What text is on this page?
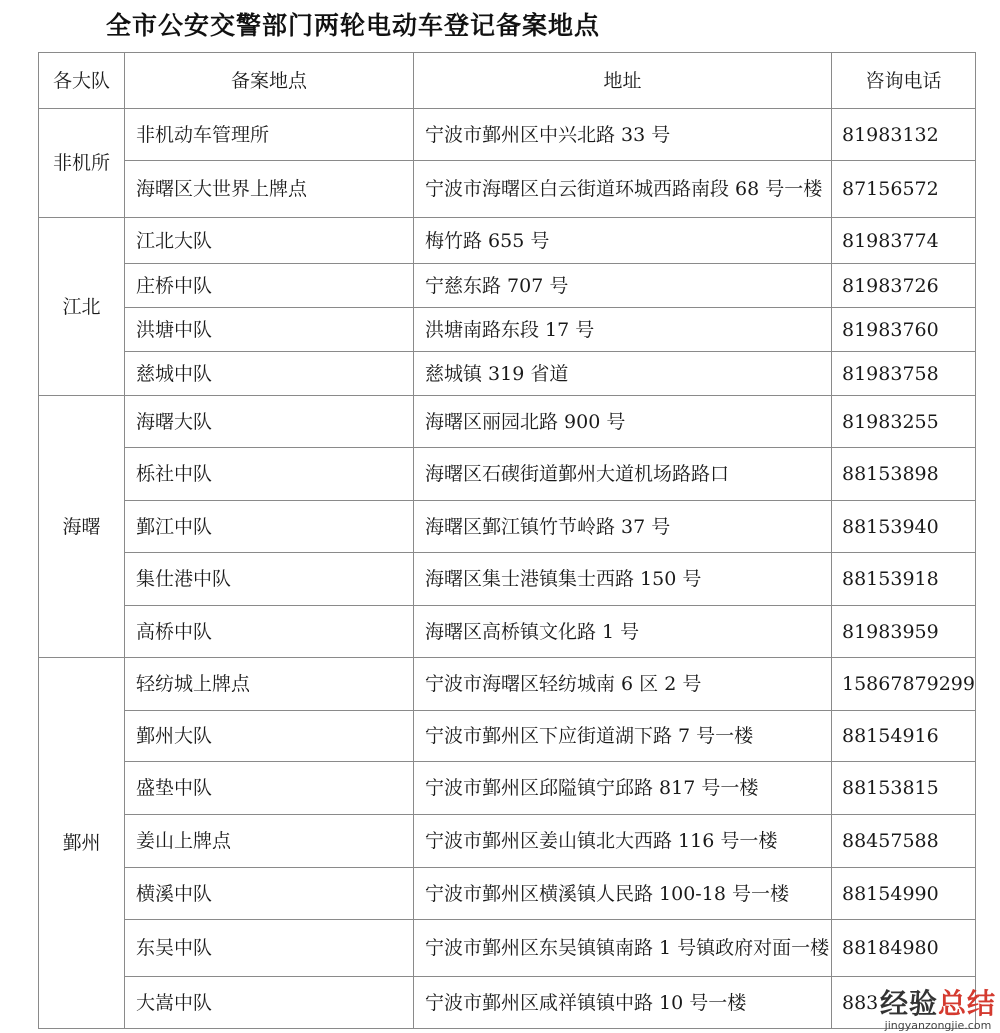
全市公安交警部门两轮电动车登记备案地点
各大队	备案地点	地址	咨询电话
非机所	非机动车管理所	宁波市鄞州区中兴北路 33 号	81983132
	海曙区大世界上牌点	宁波市海曙区白云街道环城西路南段 68 号一楼	87156572
江北	江北大队	梅竹路 655 号	81983774
	庄桥中队	宁慈东路 707 号	81983726
	洪塘中队	洪塘南路东段 17 号	81983760
	慈城中队	慈城镇 319 省道	81983758
海曙	海曙大队	海曙区丽园北路 900 号	81983255
	栎社中队	海曙区石碶街道鄞州大道机场路路口	88153898
	鄞江中队	海曙区鄞江镇竹节岭路 37 号	88153940
	集仕港中队	海曙区集士港镇集士西路 150 号	88153918
	高桥中队	海曙区高桥镇文化路 1 号	81983959
鄞州	轻纺城上牌点	宁波市海曙区轻纺城南 6 区 2 号	15867879299
	鄞州大队	宁波市鄞州区下应街道湖下路 7 号一楼	88154916
	盛垫中队	宁波市鄞州区邱隘镇宁邱路 817 号一楼	88153815
	姜山上牌点	宁波市鄞州区姜山镇北大西路 116 号一楼	88457588
	横溪中队	宁波市鄞州区横溪镇人民路 100-18 号一楼	88154990
	东吴中队	宁波市鄞州区东吴镇镇南路 1 号镇政府对面一楼	88184980
	大嵩中队	宁波市鄞州区咸祥镇镇中路 10 号一楼	883 经验总结
jingyanzongjie.com
